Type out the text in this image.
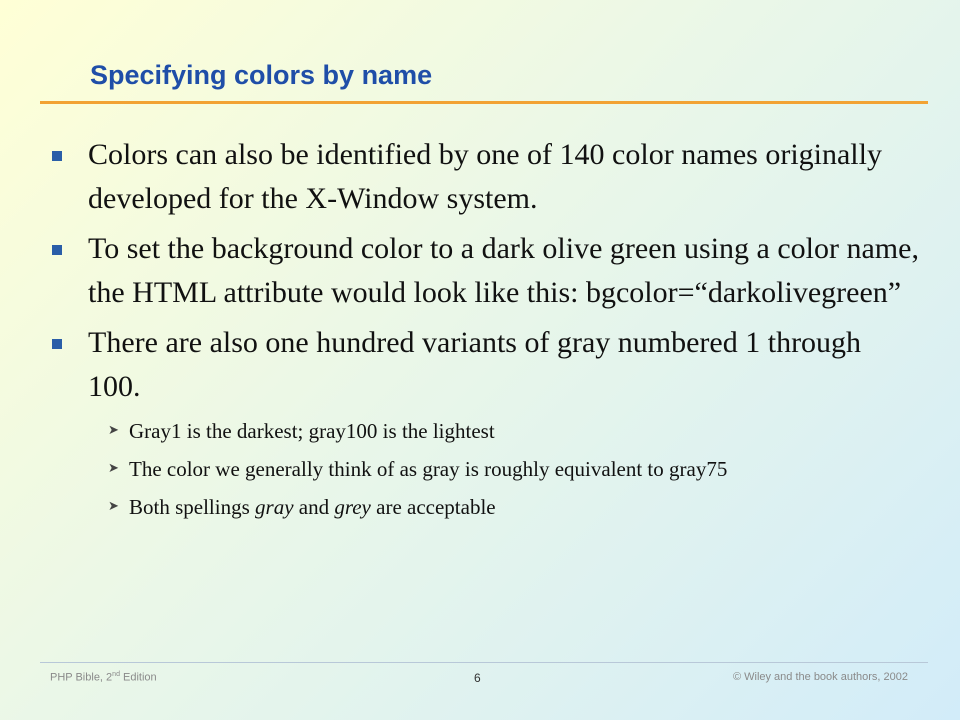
Specifying colors by name
Colors can also be identified by one of 140 color names originally developed for the X-Window system.
To set the background color to a dark olive green using a color name, the HTML attribute would look like this: bgcolor=“darkolivegreen”
There are also one hundred variants of gray numbered 1 through 100.
➤ Gray1 is the darkest; gray100 is the lightest
➤ The color we generally think of as gray is roughly equivalent to gray75
➤ Both spellings gray and grey are acceptable
PHP Bible, 2nd Edition	6	© Wiley and the book authors, 2002
